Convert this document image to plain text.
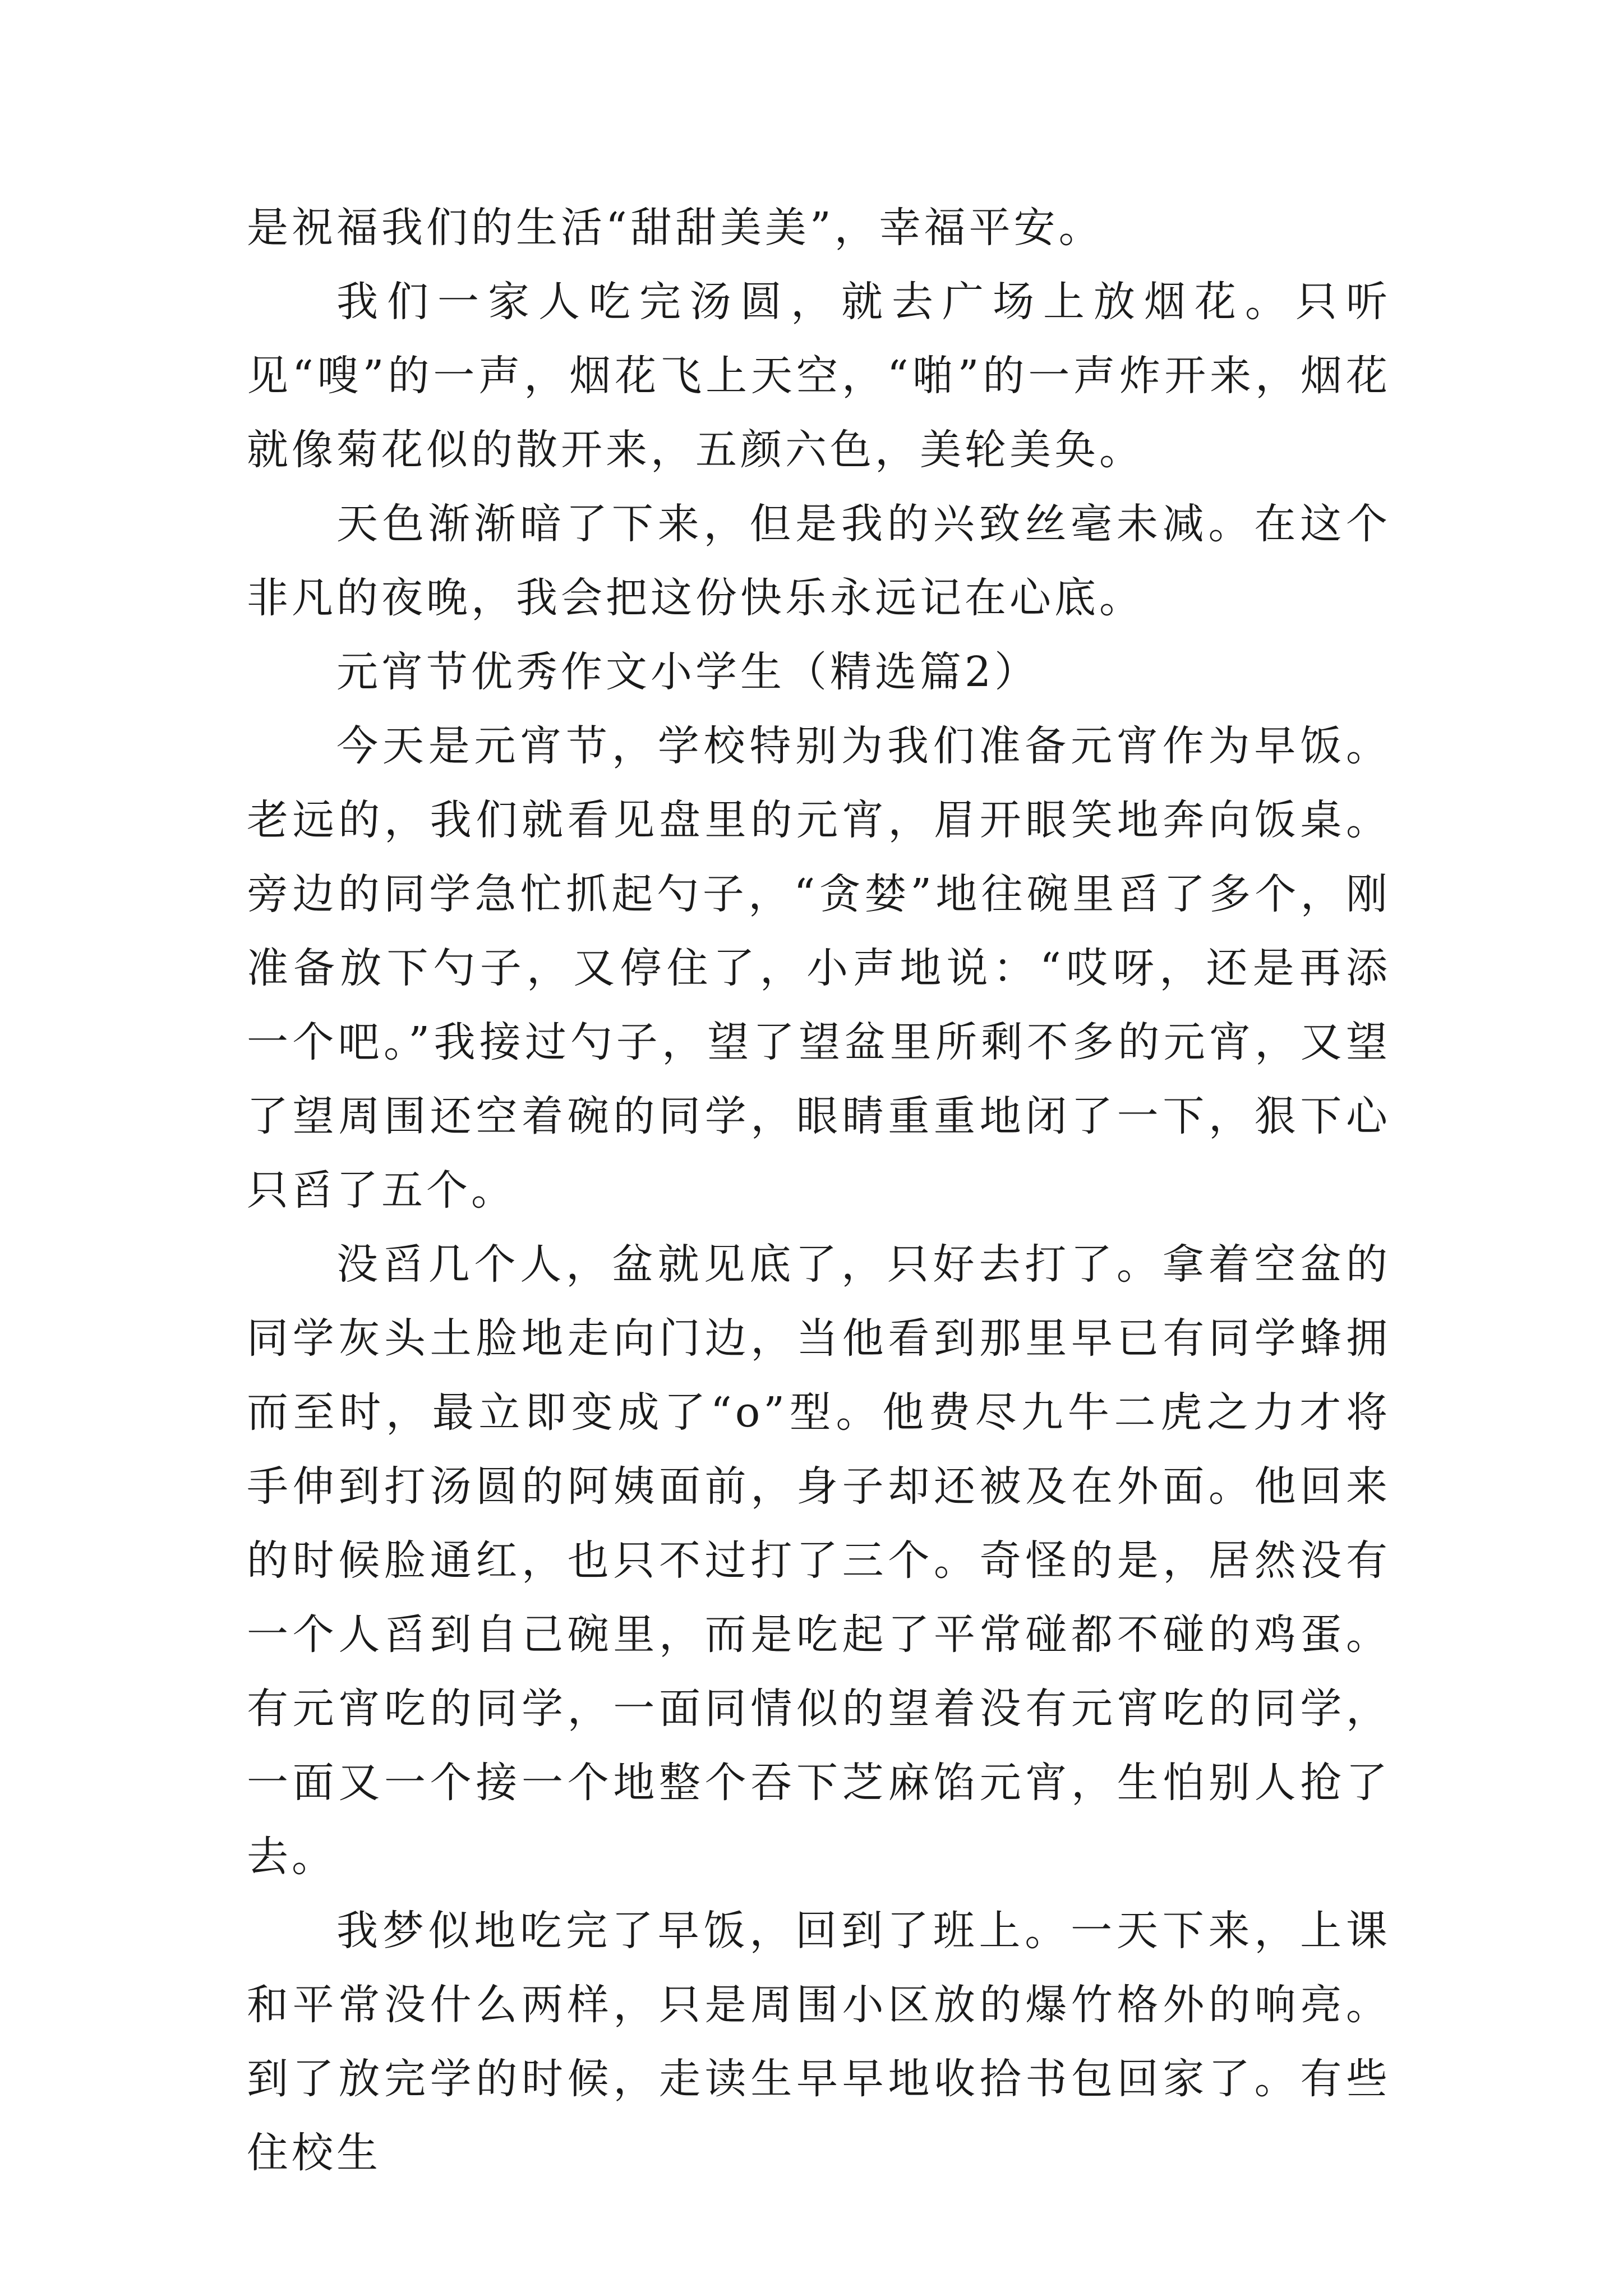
是祝福我们的生活“甜甜美美”，幸福平安。

我们一家人吃完汤圆，就去广场上放烟花。只听见“嗖”的一声，烟花飞上天空，“啪”的一声炸开来，烟花就像菊花似的散开来，五颜六色，美轮美奂。

天色渐渐暗了下来，但是我的兴致丝毫未减。在这个非凡的夜晚，我会把这份快乐永远记在心底。

元宵节优秀作文小学生（精选篇2）

今天是元宵节，学校特别为我们准备元宵作为早饭。老远的，我们就看见盘里的元宵，眉开眼笑地奔向饭桌。旁边的同学急忙抓起勺子，“贪婪”地往碗里舀了多个，刚准备放下勺子，又停住了，小声地说：“哎呀，还是再添一个吧。”我接过勺子，望了望盆里所剩不多的元宵，又望了望周围还空着碗的同学，眼睛重重地闭了一下，狠下心只舀了五个。

没舀几个人，盆就见底了，只好去打了。拿着空盆的同学灰头土脸地走向门边，当他看到那里早已有同学蜂拥而至时，最立即变成了“o”型。他费尽九牛二虎之力才将手伸到打汤圆的阿姨面前，身子却还被及在外面。他回来的时候脸通红，也只不过打了三个。奇怪的是，居然没有一个人舀到自己碗里，而是吃起了平常碰都不碰的鸡蛋。有元宵吃的同学，一面同情似的望着没有元宵吃的同学，一面又一个接一个地整个吞下芝麻馅元宵，生怕别人抢了去。

我梦似地吃完了早饭，回到了班上。一天下来，上课和平常没什么两样，只是周围小区放的爆竹格外的响亮。到了放完学的时候，走读生早早地收拾书包回家了。有些住校生
